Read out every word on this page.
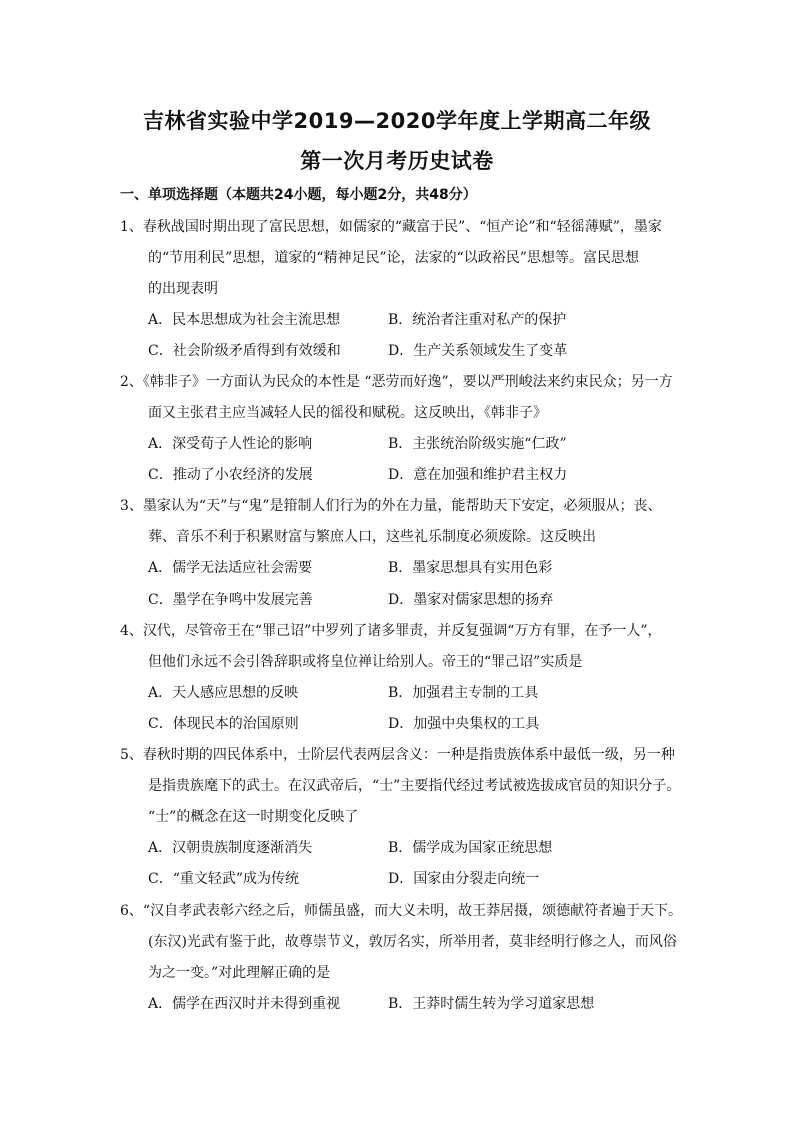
吉林省实验中学2019—2020学年度上学期高二年级
第一次月考历史试卷
一、单项选择题（本题共24小题，每小题2分，共48分）
1、春秋战国时期出现了富民思想，如儒家的“藏富于民”、“恒产论”和“轻徭薄赋”，墨家
的“节用利民”思想，道家的“精神足民”论，法家的“以政裕民”思想等。富民思想
的出现表明
A．民本思想成为社会主流思想	B．统治者注重对私产的保护
C．社会阶级矛盾得到有效缓和	D．生产关系领域发生了变革
2、《韩非子》一方面认为民众的本性是 “恶劳而好逸”，要以严刑峻法来约束民众；另一方
面又主张君主应当减轻人民的徭役和赋税。这反映出，《韩非子》
A．深受荀子人性论的影响	B．主张统治阶级实施“仁政”
C．推动了小农经济的发展	D．意在加强和维护君主权力
3、墨家认为“天”与“鬼”是箝制人们行为的外在力量，能帮助天下安定，必须服从；丧、
葬、音乐不利于积累财富与繁庶人口，这些礼乐制度必须废除。这反映出
A．儒学无法适应社会需要	B．墨家思想具有实用色彩
C．墨学在争鸣中发展完善	D．墨家对儒家思想的扬弃
4、汉代，尽管帝王在“罪己诏”中罗列了诸多罪责，并反复强调“万方有罪，在予一人”，
但他们永远不会引咎辞职或将皇位禅让给别人。帝王的“罪己诏”实质是
A．天人感应思想的反映	B．加强君主专制的工具
C．体现民本的治国原则	D．加强中央集权的工具
5、春秋时期的四民体系中，士阶层代表两层含义：一种是指贵族体系中最低一级，另一种
是指贵族麾下的武士。在汉武帝后，“士”主要指代经过考试被选拔成官员的知识分子。
“士”的概念在这一时期变化反映了
A．汉朝贵族制度逐渐消失	B．儒学成为国家正统思想
C．“重文轻武”成为传统	D．国家由分裂走向统一
6、“汉自孝武表彰六经之后，师儒虽盛，而大义未明，故王莽居摄，颂德献符者遍于天下。
(东汉)光武有鉴于此，故尊崇节义，敦厉名实，所举用者，莫非经明行修之人，而风俗
为之一变。”对此理解正确的是
A．儒学在西汉时并未得到重视	B．王莽时儒生转为学习道家思想
